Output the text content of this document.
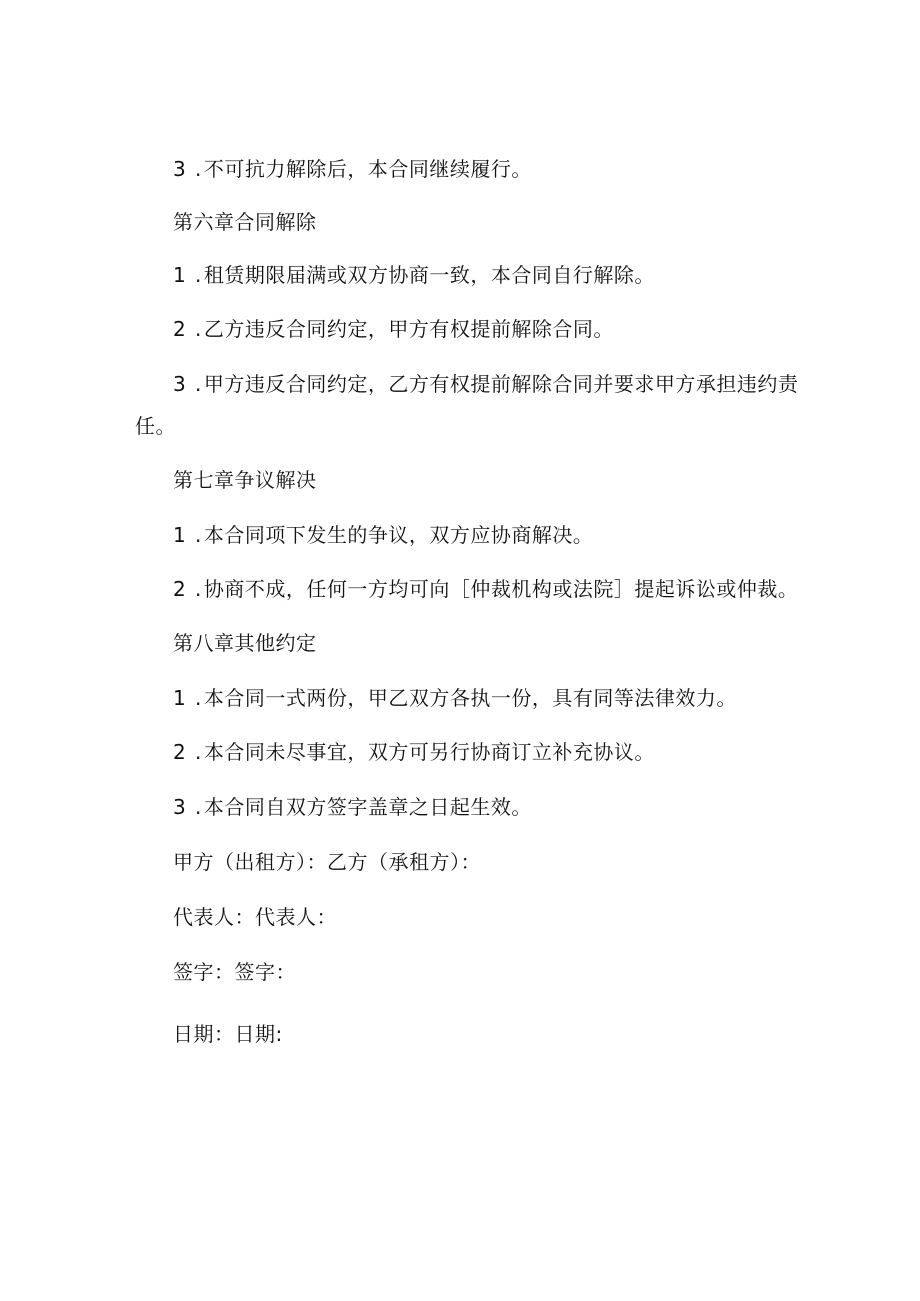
3 . 不可抗力解除后，本合同继续履行。
第六章合同解除
1 . 租赁期限届满或双方协商一致，本合同自行解除。
2 . 乙方违反合同约定，甲方有权提前解除合同。
3 . 甲方违反合同约定，乙方有权提前解除合同并要求甲方承担违约责
任。
第七章争议解决
1 . 本合同项下发生的争议，双方应协商解决。
2 . 协商不成，任何一方均可向［仲裁机构或法院］提起诉讼或仲裁。
第八章其他约定
1 . 本合同一式两份，甲乙双方各执一份，具有同等法律效力。
2 . 本合同未尽事宜，双方可另行协商订立补充协议。
3 . 本合同自双方签字盖章之日起生效。
甲方（出租方）：乙方（承租方）：
代表人：代表人：
签字：签字：
日期：日期:
